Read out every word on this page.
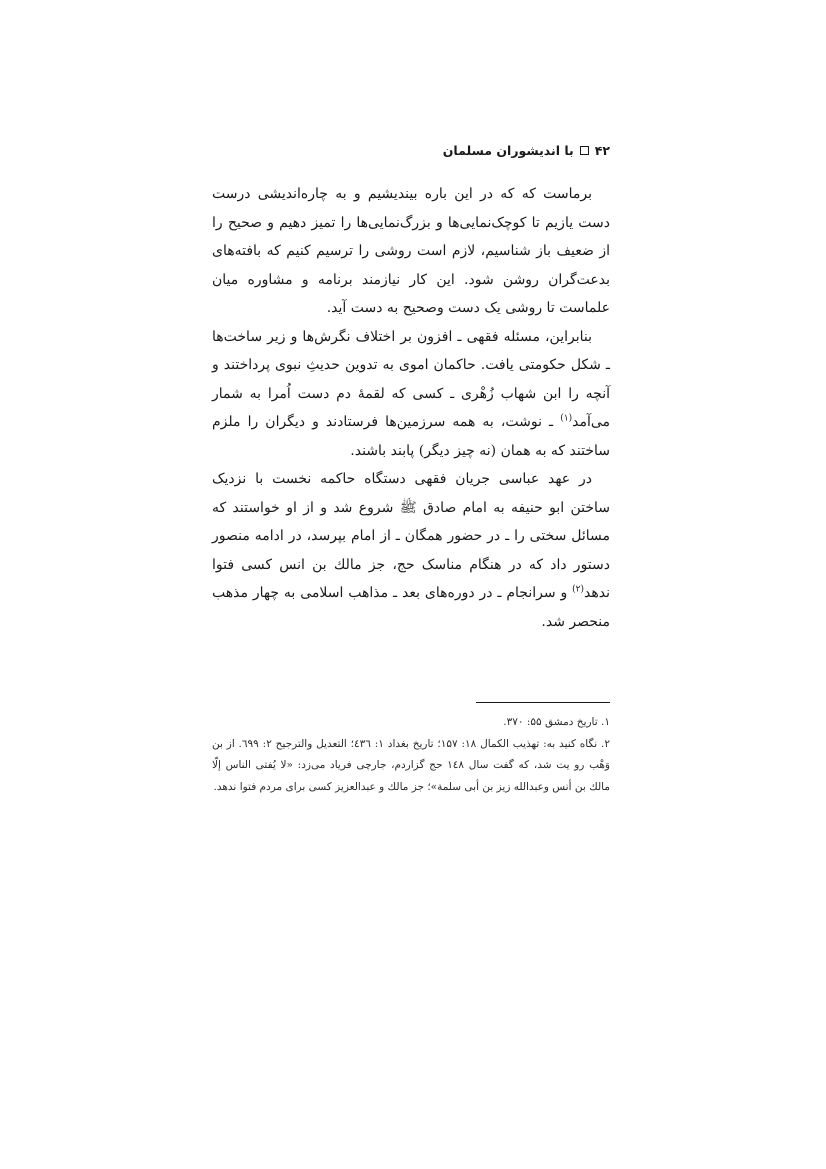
۴۲
با اندیشوران مسلمان

برماست که که در این باره بیندیشیم و به چاره‌اندیشی درست دست یازیم تا کوچک‌نمایی‌ها و بزرگ‌نمایی‌ها را تمیز دهیم و صحیح را از ضعیف باز شناسیم، لازم است روشی را ترسیم کنیم که بافته‌های بدعت‌گران روشن شود. این کار نیازمند برنامه و مشاوره میان علماست تا روشی یک دست وصحیح به دست آید.

بنابراین، مسئله فقهی ـ افزون بر اختلاف نگرش‌ها و زیر ساخت‌ها ـ شکل حکومتی یافت. حاکمان اموی به تدوین حدیثِ نبوی پرداختند و آنچه را ابن شهاب زُهْری ـ کسی که لقمهٔ دم دست اُمرا به شمار می‌آمد$^{(۱)}$ ـ نوشت، به همه سرزمین‌ها فرستادند و دیگران را ملزم ساختند که به همان (نه چیز دیگر) پابند باشند.

در عهد عباسی جریان فقهی دستگاه حاکمه نخست با نزدیک ساختن ابو حنیفه به امام صادق ﷺ شروع شد و از او خواستند که مسائل سختی را ـ در حضور همگان ـ از امام بپرسد، در ادامه منصور دستور داد که در هنگام مناسک حج، جز مالك بن انس کسی فتوا ندهد$^{(۲)}$ و سرانجام ـ در دوره‌های بعد ـ مذاهب اسلامی به چهار مذهب منحصر شد.

۱. تاریخ دمشق ۵۵: ۳۷۰.
۲. نگاه کنید به: تهذیب الکمال ۱۸: ۱۵۷؛ تاریخ بغداد ۱: ٤٣٦؛ التعدیل والترجیح ۲: ٦٩٩. از بن وَهْب رو یت شد، که گفت سال ١٤٨ حج گزاردم، جارچی فریاد می‌زد: «لا یُفتی الناس إلّا مالك بن أنس وعبدالله زیز بن أبی سلمة»؛ جز مالك و عبدالعزیز کسی برای مردم فتوا ندهد.
